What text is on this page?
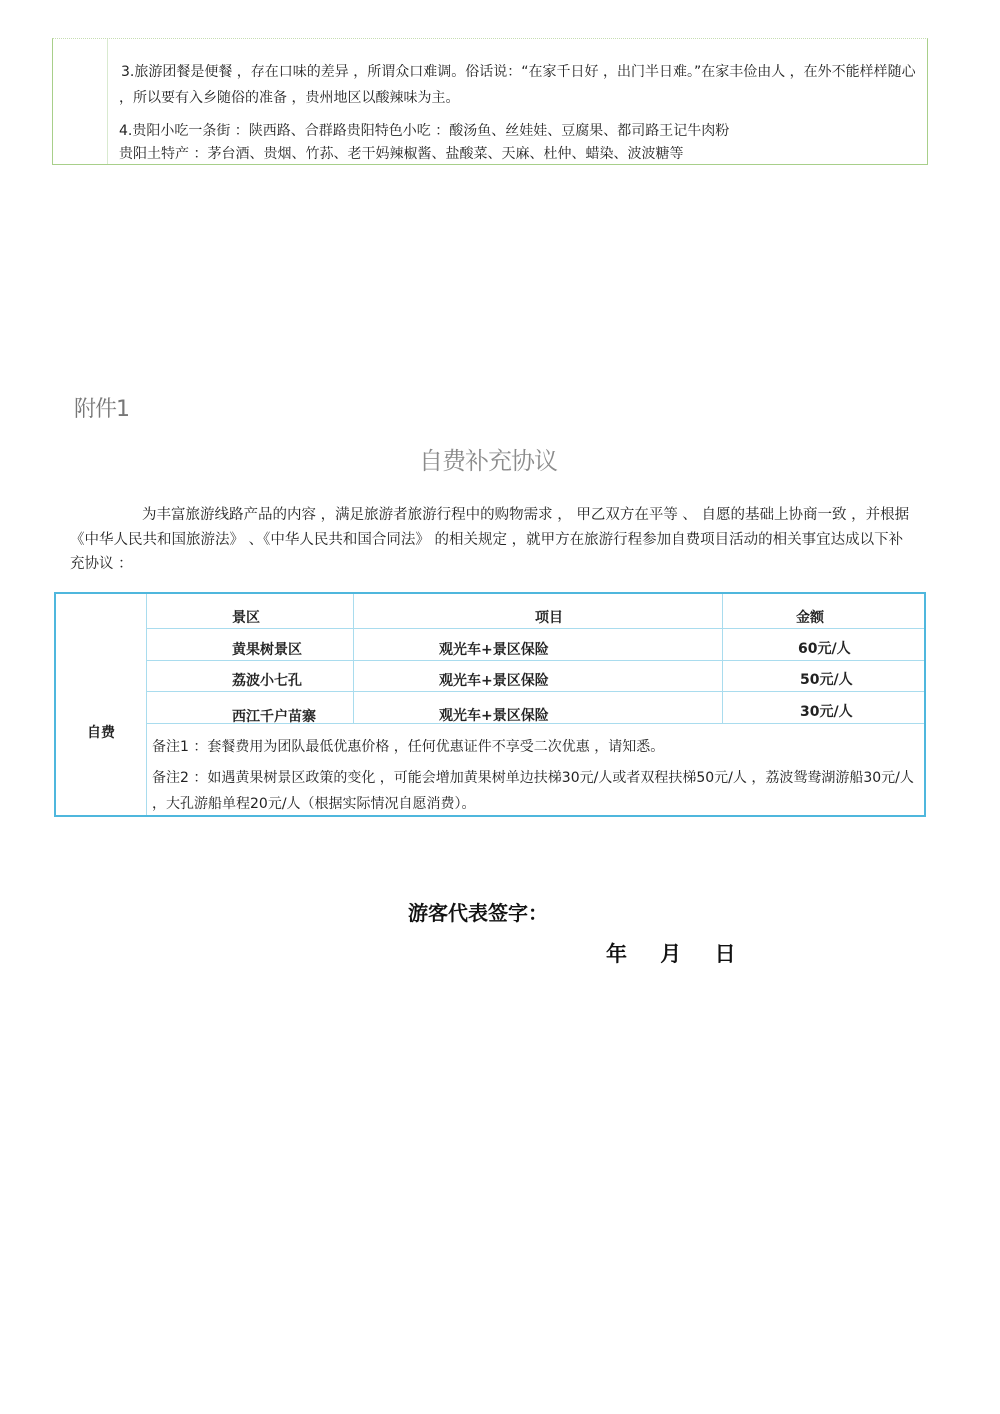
3.旅游团餐是便餐 ，存在口味的差异 ，所谓众口难调。俗话说：“在家千日好 ，出门半日难。”在家丰俭由人 ，在外不能样样随心 ，所以要有入乡随俗的准备 ，贵州地区以酸辣味为主。
4.贵阳小吃一条街 ：陕西路、合群路贵阳特色小吃 ：酸汤鱼、丝娃娃、豆腐果、都司路王记牛肉粉
贵阳土特产 ：茅台酒、贵烟、竹荪、老干妈辣椒酱、盐酸菜、天麻、杜仲、蜡染、波波糖等
附件1
自费补充协议
为丰富旅游线路产品的内容 ，满足旅游者旅游行程中的购物需求 ， 甲乙双方在平等 、 自愿的基础上协商一致 ，并根据《中华人民共和国旅游法》 、《中华人民共和国合同法》 的相关规定 ，就甲方在旅游行程参加自费项目活动的相关事宜达成以下补充协议 ：
自费
景区	项目	金额
黄果树景区	观光车+景区保险	60元/人
荔波小七孔	观光车+景区保险	50元/人
西江千户苗寨	观光车+景区保险	30元/人
备注1 ：套餐费用为团队最低优惠价格 ，任何优惠证件不享受二次优惠 ，请知悉。
备注2 ：如遇黄果树景区政策的变化 ，可能会增加黄果树单边扶梯30元/人或者双程扶梯50元/人 ，荔波鸳鸯湖游船30元/人 ，大孔游船单程20元/人（根据实际情况自愿消费）。
游客代表签字：
年 月 日
